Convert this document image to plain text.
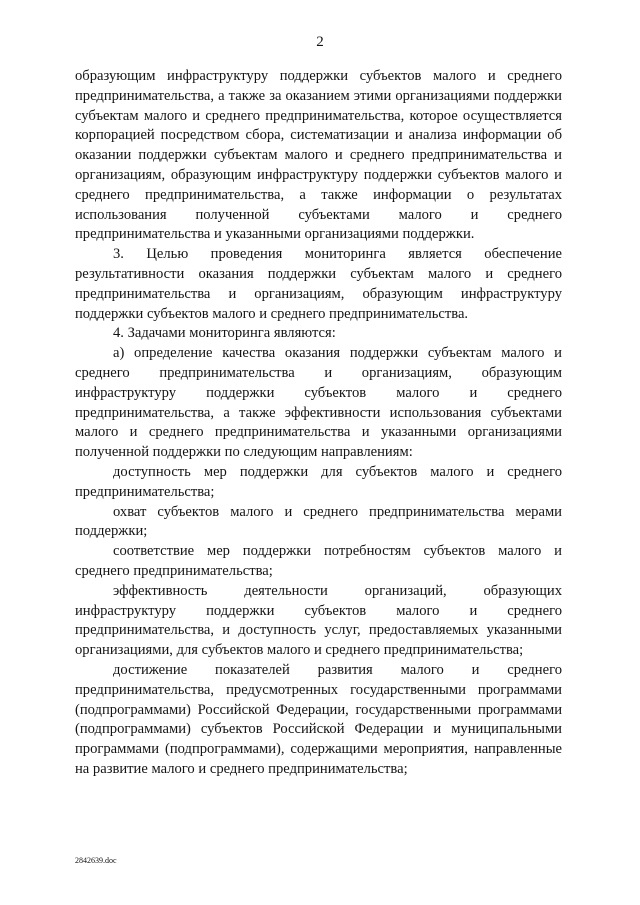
2

образующим инфраструктуру поддержки субъектов малого и среднего предпринимательства, а также за оказанием этими организациями поддержки субъектам малого и среднего предпринимательства, которое осуществляется корпорацией посредством сбора, систематизации и анализа информации об оказании поддержки субъектам малого и среднего предпринимательства и организациям, образующим инфраструктуру поддержки субъектов малого и среднего предпринимательства, а также информации о результатах использования полученной субъектами малого и среднего предпринимательства и указанными организациями поддержки.

3. Целью проведения мониторинга является обеспечение результативности оказания поддержки субъектам малого и среднего предпринимательства и организациям, образующим инфраструктуру поддержки субъектов малого и среднего предпринимательства.

4. Задачами мониторинга являются:

а) определение качества оказания поддержки субъектам малого и среднего предпринимательства и организациям, образующим инфраструктуру поддержки субъектов малого и среднего предпринимательства, а также эффективности использования субъектами малого и среднего предпринимательства и указанными организациями полученной поддержки по следующим направлениям:

доступность мер поддержки для субъектов малого и среднего предпринимательства;

охват субъектов малого и среднего предпринимательства мерами поддержки;

соответствие мер поддержки потребностям субъектов малого и среднего предпринимательства;

эффективность деятельности организаций, образующих инфраструктуру поддержки субъектов малого и среднего предпринимательства, и доступность услуг, предоставляемых указанными организациями, для субъектов малого и среднего предпринимательства;

достижение показателей развития малого и среднего предпринимательства, предусмотренных государственными программами (подпрограммами) Российской Федерации, государственными программами (подпрограммами) субъектов Российской Федерации и муниципальными программами (подпрограммами), содержащими мероприятия, направленные на развитие малого и среднего предпринимательства;

2842639.doc
